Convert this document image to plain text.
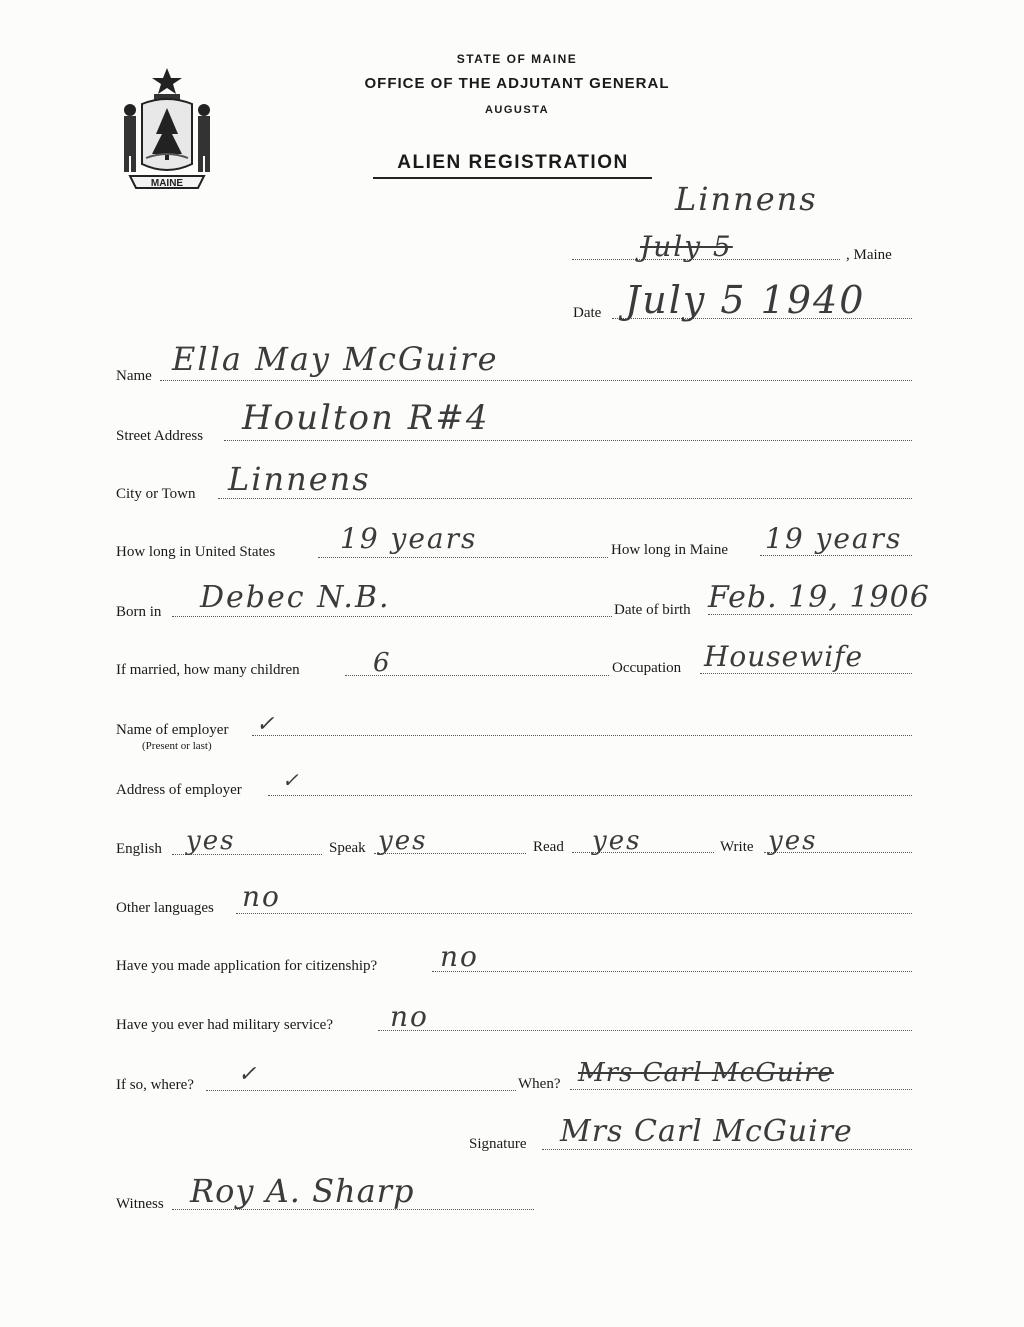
MAINE
STATE OF MAINE
OFFICE OF THE ADJUTANT GENERAL
AUGUSTA
ALIEN REGISTRATION
Linnens
July 5	, Maine
Date July 5 1940
Name Ella May McGuire
Street Address Houlton R#4
City or Town Linnens
How long in United States 19 years	How long in Maine 19 years
Born in Debec N.B.	Date of birth Feb. 19, 1906
If married, how many children	6	Occupation Housewife
Name of employer
(Present or last)
✓
Address of employer ✓
English yes	Speak yes	Read yes	Write yes
Other languages no
Have you made application for citizenship? no
Have you ever had military service? no
If so, where? ✓	When? Mrs Carl McGuire
Signature Mrs Carl McGuire
Witness Roy A. Sharp
